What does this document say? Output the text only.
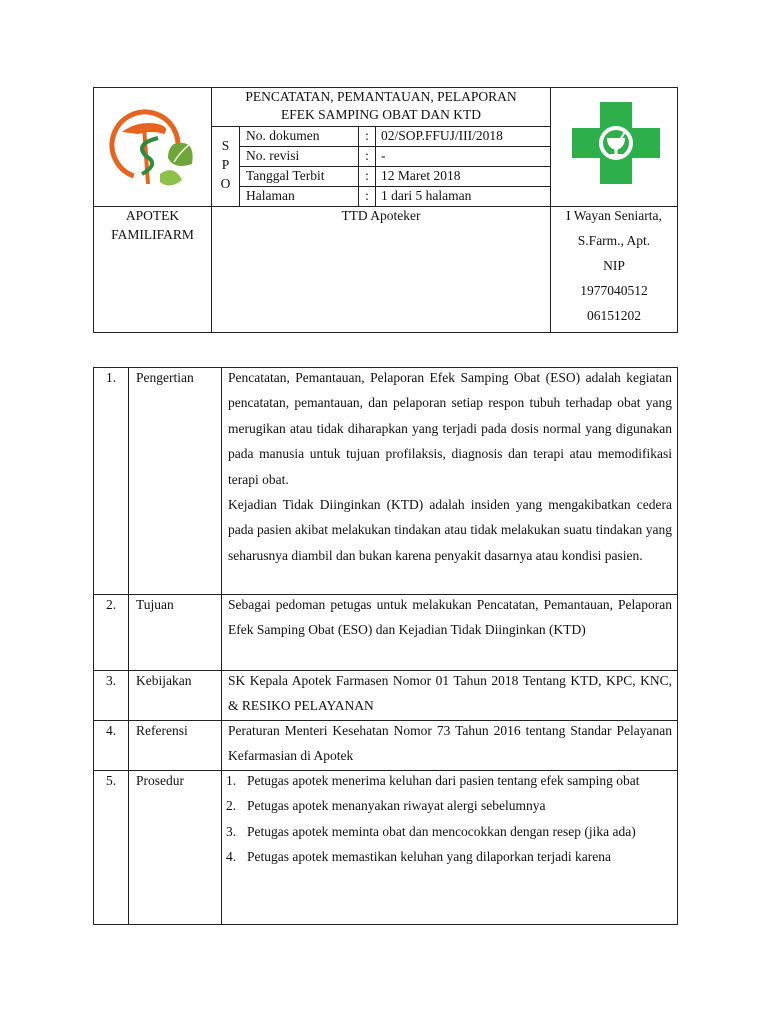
PENCATATAN, PEMANTAUAN, PELAPORAN
EFEK SAMPING OBAT DAN KTD
S
P
O
No. dokumen	: 02/SOP.FFUJ/III/2018
No. revisi	: -
Tanggal Terbit	: 12 Maret 2018
Halaman	: 1 dari 5 halaman
APOTEK
FAMILIFARM
TTD Apoteker	I Wayan Seniarta,
S.Farm., Apt.
NIP
1977040512
06151202
1.	Pengertian	Pencatatan, Pemantauan, Pelaporan Efek Samping Obat (ESO) adalah kegiatan pencatatan, pemantauan, dan pelaporan setiap respon tubuh terhadap obat yang merugikan atau tidak diharapkan yang terjadi pada dosis normal yang digunakan pada manusia untuk tujuan profilaksis, diagnosis dan terapi atau memodifikasi terapi obat.

Kejadian Tidak Diinginkan (KTD) adalah insiden yang mengakibatkan cedera pada pasien akibat melakukan tindakan atau tidak melakukan suatu tindakan yang seharusnya diambil dan bukan karena penyakit dasarnya atau kondisi pasien.

2.	Tujuan	Sebagai pedoman petugas untuk melakukan Pencatatan, Pemantauan, Pelaporan Efek Samping Obat (ESO) dan Kejadian Tidak Diinginkan (KTD)

3.	Kebijakan	SK Kepala Apotek Farmasen Nomor 01 Tahun 2018 Tentang KTD, KPC, KNC, & RESIKO PELAYANAN

4.	Referensi	Peraturan Menteri Kesehatan Nomor 73 Tahun 2016 tentang Standar Pelayanan Kefarmasian di Apotek

5.	Prosedur	1. Petugas apotek menerima keluhan dari pasien tentang efek samping obat
2. Petugas apotek menanyakan riwayat alergi sebelumnya
3. Petugas apotek meminta obat dan mencocokkan dengan resep (jika ada)
4. Petugas apotek memastikan keluhan yang dilaporkan terjadi karena
